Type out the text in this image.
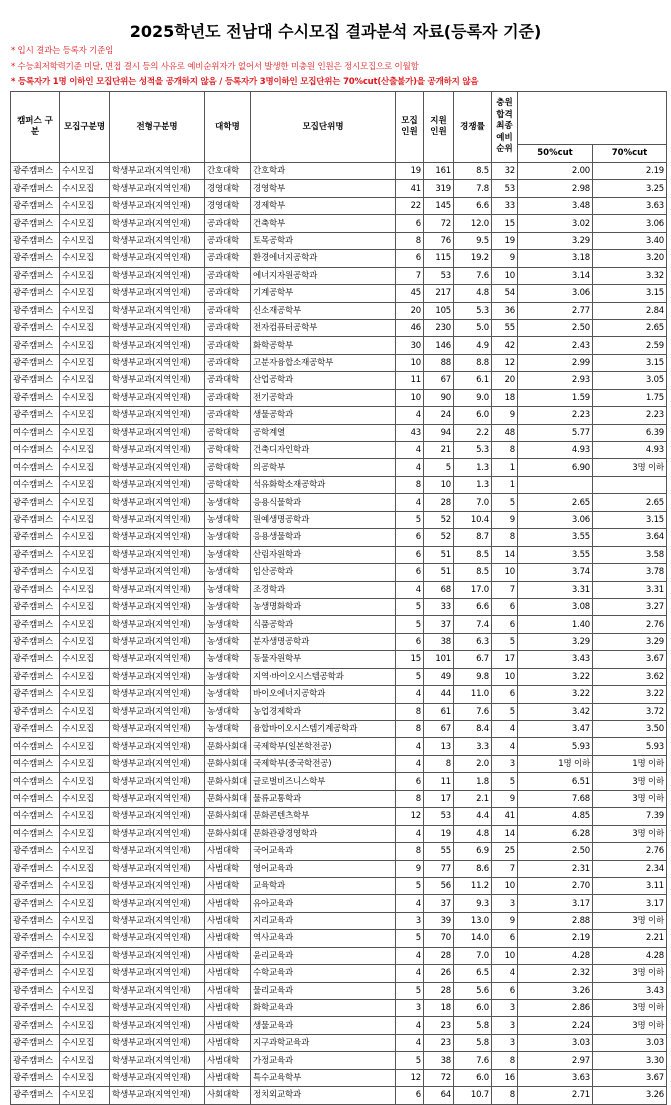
2025학년도 전남대 수시모집 결과분석 자료(등록자 기준)
* 입시 결과는 등록자 기준임
* 수능최저학력기준 미달, 면접 결시 등의 사유로 예비순위자가 없어서 발생한 미충원 인원은 정시모집으로 이월함
* 등록자가 1명 이하인 모집단위는 성적을 공개하지 않음 / 등록자가 3명이하인 모집단위는 70%cut(산출불가)을 공개하지 않음
캠퍼스 구 분	모집구분명	전형구분명	대학명	모집단위명	모집 인원	지원 인원	경쟁률	충원 합격 최종 예비 순위		
									50%cut	70%cut
광주캠퍼스	수시모집	학생부교과(지역인재)	간호대학	간호학과	19	161	8.5	32	2.00	2.19
광주캠퍼스	수시모집	학생부교과(지역인재)	경영대학	경영학부	41	319	7.8	53	2.98	3.25
광주캠퍼스	수시모집	학생부교과(지역인재)	경영대학	경제학부	22	145	6.6	33	3.48	3.63
광주캠퍼스	수시모집	학생부교과(지역인재)	공과대학	건축학부	6	72	12.0	15	3.02	3.06
광주캠퍼스	수시모집	학생부교과(지역인재)	공과대학	토목공학과	8	76	9.5	19	3.29	3.40
광주캠퍼스	수시모집	학생부교과(지역인재)	공과대학	환경에너지공학과	6	115	19.2	9	3.18	3.20
광주캠퍼스	수시모집	학생부교과(지역인재)	공과대학	에너지자원공학과	7	53	7.6	10	3.14	3.32
광주캠퍼스	수시모집	학생부교과(지역인재)	공과대학	기계공학부	45	217	4.8	54	3.06	3.15
광주캠퍼스	수시모집	학생부교과(지역인재)	공과대학	신소재공학부	20	105	5.3	36	2.77	2.84
광주캠퍼스	수시모집	학생부교과(지역인재)	공과대학	전자컴퓨터공학부	46	230	5.0	55	2.50	2.65
광주캠퍼스	수시모집	학생부교과(지역인재)	공과대학	화학공학부	30	146	4.9	42	2.43	2.59
광주캠퍼스	수시모집	학생부교과(지역인재)	공과대학	고분자융합소재공학부	10	88	8.8	12	2.99	3.15
광주캠퍼스	수시모집	학생부교과(지역인재)	공과대학	산업공학과	11	67	6.1	20	2.93	3.05
광주캠퍼스	수시모집	학생부교과(지역인재)	공과대학	전기공학과	10	90	9.0	18	1.59	1.75
광주캠퍼스	수시모집	학생부교과(지역인재)	공과대학	생물공학과	4	24	6.0	9	2.23	2.23
여수캠퍼스	수시모집	학생부교과(지역인재)	공학대학	공학계열	43	94	2.2	48	5.77	6.39
여수캠퍼스	수시모집	학생부교과(지역인재)	공학대학	건축디자인학과	4	21	5.3	8	4.93	4.93
여수캠퍼스	수시모집	학생부교과(지역인재)	공학대학	의공학부	4	5	1.3	1	6.90	3명 이하
여수캠퍼스	수시모집	학생부교과(지역인재)	공학대학	석유화학소재공학과	8	10	1.3	1		
광주캠퍼스	수시모집	학생부교과(지역인재)	농생대학	응용식물학과	4	28	7.0	5	2.65	2.65
광주캠퍼스	수시모집	학생부교과(지역인재)	농생대학	원예생명공학과	5	52	10.4	9	3.06	3.15
광주캠퍼스	수시모집	학생부교과(지역인재)	농생대학	응용생물학과	6	52	8.7	8	3.55	3.64
광주캠퍼스	수시모집	학생부교과(지역인재)	농생대학	산림자원학과	6	51	8.5	14	3.55	3.58
광주캠퍼스	수시모집	학생부교과(지역인재)	농생대학	임산공학과	6	51	8.5	10	3.74	3.78
광주캠퍼스	수시모집	학생부교과(지역인재)	농생대학	조경학과	4	68	17.0	7	3.31	3.31
광주캠퍼스	수시모집	학생부교과(지역인재)	농생대학	농생명화학과	5	33	6.6	6	3.08	3.27
광주캠퍼스	수시모집	학생부교과(지역인재)	농생대학	식품공학과	5	37	7.4	6	1.40	2.76
광주캠퍼스	수시모집	학생부교과(지역인재)	농생대학	분자생명공학과	6	38	6.3	5	3.29	3.29
광주캠퍼스	수시모집	학생부교과(지역인재)	농생대학	동물자원학부	15	101	6.7	17	3.43	3.67
광주캠퍼스	수시모집	학생부교과(지역인재)	농생대학	지역·바이오시스템공학과	5	49	9.8	10	3.22	3.62
광주캠퍼스	수시모집	학생부교과(지역인재)	농생대학	바이오에너지공학과	4	44	11.0	6	3.22	3.22
광주캠퍼스	수시모집	학생부교과(지역인재)	농생대학	농업경제학과	8	61	7.6	5	3.42	3.72
광주캠퍼스	수시모집	학생부교과(지역인재)	농생대학	융합바이오시스템기계공학과	8	67	8.4	4	3.47	3.50
여수캠퍼스	수시모집	학생부교과(지역인재)	문화사회대	국제학부(일본학전공)	4	13	3.3	4	5.93	5.93
여수캠퍼스	수시모집	학생부교과(지역인재)	문화사회대	국제학부(중국학전공)	4	8	2.0	3	1명 이하	1명 이하
여수캠퍼스	수시모집	학생부교과(지역인재)	문화사회대	글로벌비즈니스학부	6	11	1.8	5	6.51	3명 이하
여수캠퍼스	수시모집	학생부교과(지역인재)	문화사회대	물류교통학과	8	17	2.1	9	7.68	3명 이하
여수캠퍼스	수시모집	학생부교과(지역인재)	문화사회대	문화콘텐츠학부	12	53	4.4	41	4.85	7.39
여수캠퍼스	수시모집	학생부교과(지역인재)	문화사회대	문화관광경영학과	4	19	4.8	14	6.28	3명 이하
광주캠퍼스	수시모집	학생부교과(지역인재)	사범대학	국어교육과	8	55	6.9	25	2.50	2.76
광주캠퍼스	수시모집	학생부교과(지역인재)	사범대학	영어교육과	9	77	8.6	7	2.31	2.34
광주캠퍼스	수시모집	학생부교과(지역인재)	사범대학	교육학과	5	56	11.2	10	2.70	3.11
광주캠퍼스	수시모집	학생부교과(지역인재)	사범대학	유아교육과	4	37	9.3	3	3.17	3.17
광주캠퍼스	수시모집	학생부교과(지역인재)	사범대학	지리교육과	3	39	13.0	9	2.88	3명 이하
광주캠퍼스	수시모집	학생부교과(지역인재)	사범대학	역사교육과	5	70	14.0	6	2.19	2.21
광주캠퍼스	수시모집	학생부교과(지역인재)	사범대학	윤리교육과	4	28	7.0	10	4.28	4.28
광주캠퍼스	수시모집	학생부교과(지역인재)	사범대학	수학교육과	4	26	6.5	4	2.32	3명 이하
광주캠퍼스	수시모집	학생부교과(지역인재)	사범대학	물리교육과	5	28	5.6	6	3.26	3.43
광주캠퍼스	수시모집	학생부교과(지역인재)	사범대학	화학교육과	3	18	6.0	3	2.86	3명 이하
광주캠퍼스	수시모집	학생부교과(지역인재)	사범대학	생물교육과	4	23	5.8	3	2.24	3명 이하
광주캠퍼스	수시모집	학생부교과(지역인재)	사범대학	지구과학교육과	4	23	5.8	3	3.03	3.03
광주캠퍼스	수시모집	학생부교과(지역인재)	사범대학	가정교육과	5	38	7.6	8	2.97	3.30
광주캠퍼스	수시모집	학생부교과(지역인재)	사범대학	특수교육학부	12	72	6.0	16	3.63	3.67
광주캠퍼스	수시모집	학생부교과(지역인재)	사회대학	정치외교학과	6	64	10.7	8	2.71	3.26
